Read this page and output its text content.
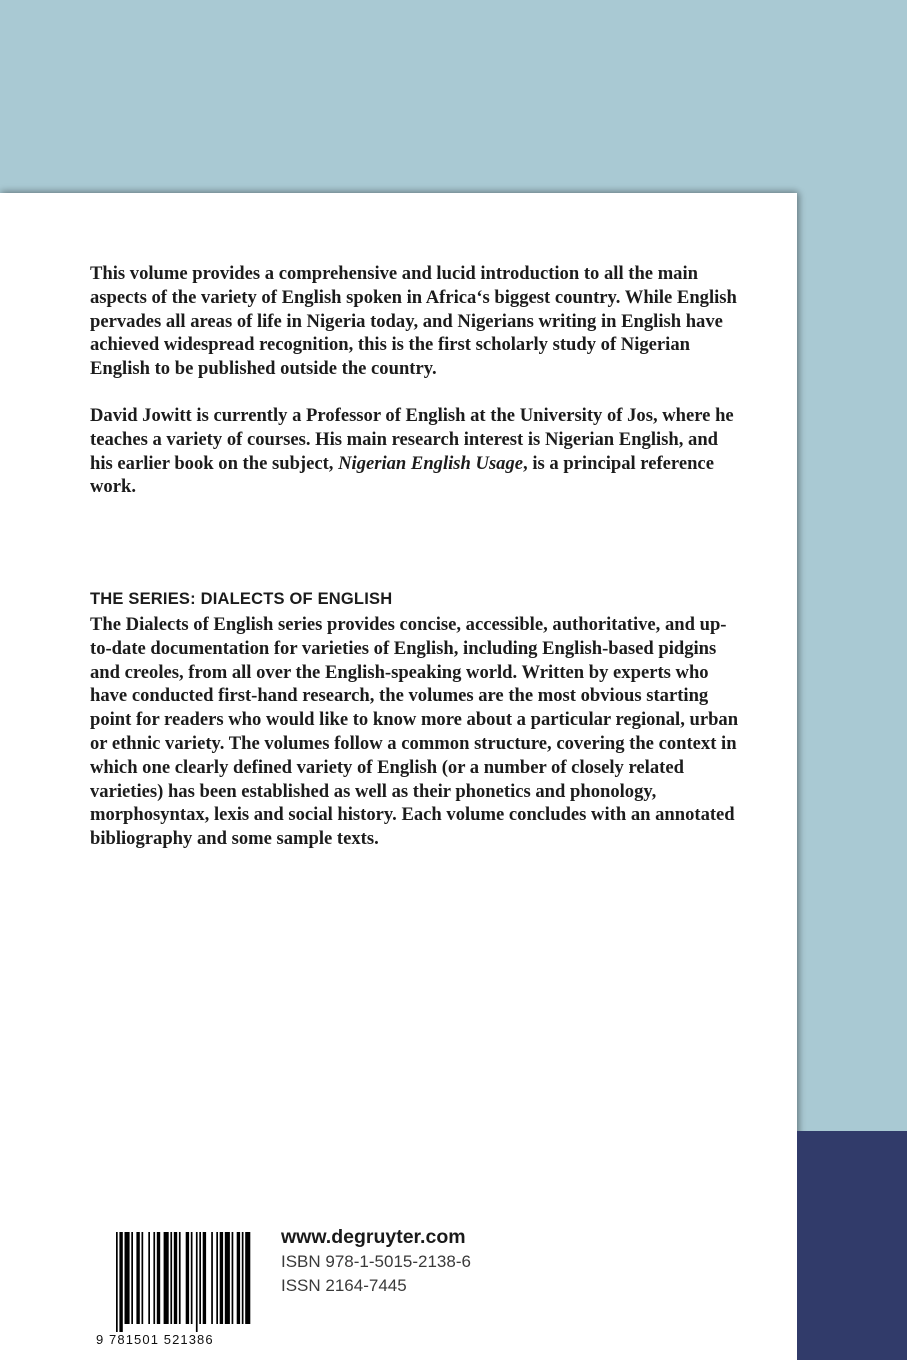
This volume provides a comprehensive and lucid introduction to all the main aspects of the variety of English spoken in Africa‘s biggest country. While English pervades all areas of life in Nigeria today, and Nigerians writing in English have achieved widespread recognition, this is the first scholarly study of Nigerian English to be published outside the country.

David Jowitt is currently a Professor of English at the University of Jos, where he teaches a variety of courses. His main research interest is Nigerian English, and his earlier book on the subject, Nigerian English Usage, is a principal reference work.

THE SERIES: DIALECTS OF ENGLISH

The Dialects of English series provides concise, accessible, authoritative, and up-to-date documentation for varieties of English, including English-based pidgins and creoles, from all over the English-speaking world. Written by experts who have conducted first-hand research, the volumes are the most obvious starting point for readers who would like to know more about a particular regional, urban or ethnic variety. The volumes follow a common structure, covering the context in which one clearly defined variety of English (or a number of closely related varieties) has been established as well as their phonetics and phonology, morphosyntax, lexis and social history. Each volume concludes with an annotated bibliography and some sample texts.

9 781501 521386
www.degruyter.com
ISBN 978-1-5015-2138-6
ISSN 2164-7445
